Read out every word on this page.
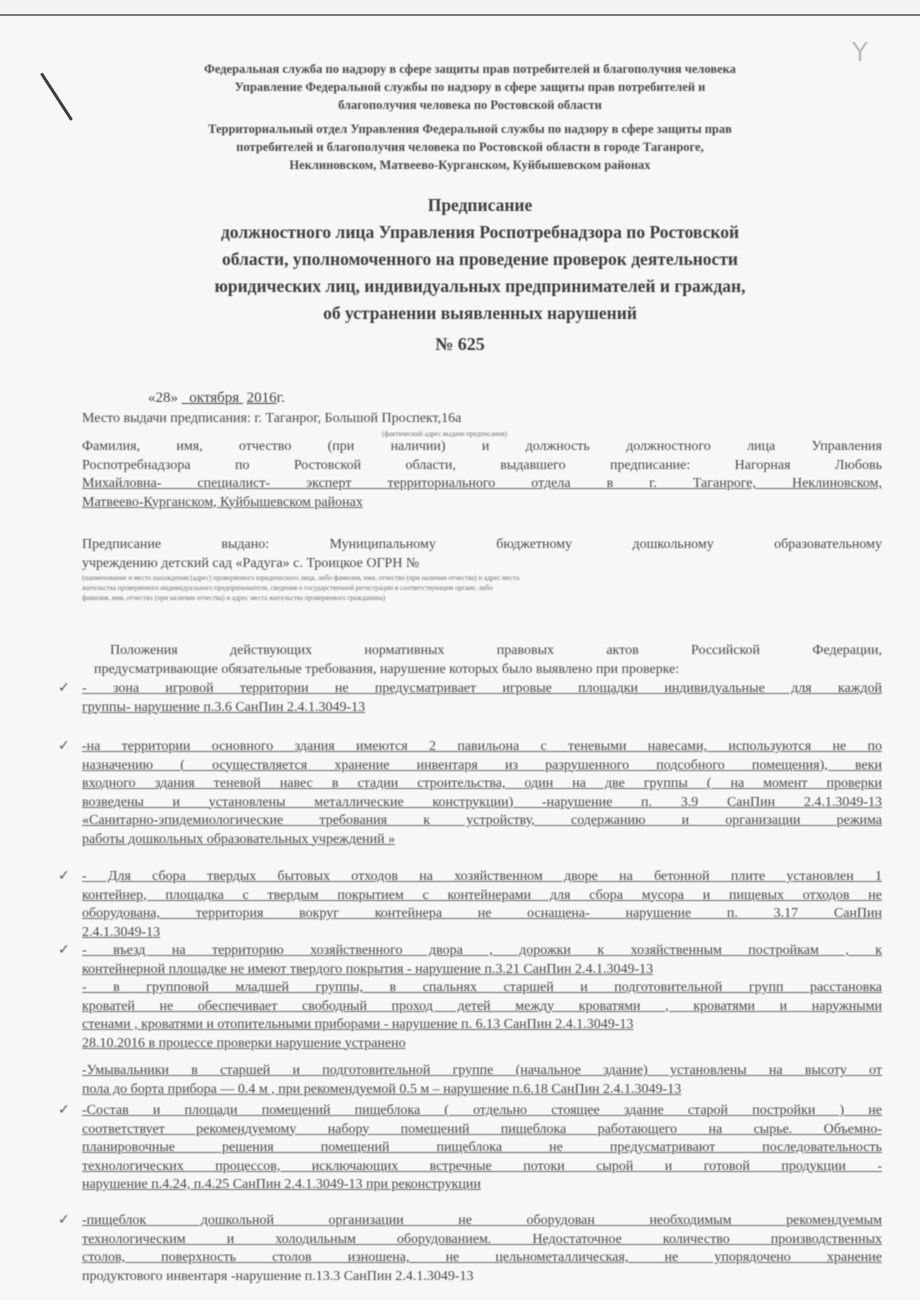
Y
Федеральная служба по надзору в сфере защиты прав потребителей и благополучия человека
Управление Федеральной службы по надзору в сфере защиты прав потребителей и
благополучия человека по Ростовской области
Территориальный отдел Управления Федеральной службы по надзору в сфере защиты прав
потребителей и благополучия человека по Ростовской области в городе Таганроге,
Неклиновском, Матвеево-Курганском, Куйбышевском районах
Предписание
должностного лица Управления Роспотребнадзора по Ростовской
области, уполномоченного на проведение проверок деятельности
юридических лиц, индивидуальных предпринимателей и граждан,
об устранении выявленных нарушений
№ 625
«28» октября 2016г.
Место выдачи предписания: г. Таганрог, Большой Проспект,16а
(фактический адрес выдачи предписания)
Фамилия, имя, отчество (при наличии) и должность должностного лица Управления
Роспотребнадзора по Ростовской области, выдавшего предписание: Нагорная Любовь
Михайловна- специалист- эксперт территориального отдела в г. Таганроге, Неклиновском,
Матвеево-Курганском, Куйбышевском районах
Предписание выдано: Муниципальному бюджетному дошкольному образовательному
учреждению детский сад «Радуга» с. Троицкое ОГРН №
(наименование и место нахождения (адрес) проверяемого юридического лица, либо фамилия, имя, отчество (при наличии отчества) и адрес места
жительства проверяемого индивидуального предпринимателя, сведения о государственной регистрации в соответствующем органе, либо
фамилия, имя, отчество (при наличии отчества) и адрес места жительства проверяемого гражданина)
Положения действующих нормативных правовых актов Российской Федерации,
предусматривающие обязательные требования, нарушение которых было выявлено при проверке:
✓ - зона игровой территории не предусматривает игровые площадки индивидуальные для каждой
группы- нарушение п.3.6 СанПин 2.4.1.3049-13
✓ -на территории основного здания имеются 2 павильона с теневыми навесами, используются не по
назначению ( осуществляется хранение инвентаря из разрушенного подсобного помещения), веки
входного здания теневой навес в стадии строительства, один на две группы ( на момент проверки
возведены и установлены металлические конструкции) -нарушение п. 3.9 СанПин 2.4.1.3049-13
«Санитарно-эпидемиологические требования к устройству, содержанию и организации режима
работы дошкольных образовательных учреждений »
✓ - Для сбора твердых бытовых отходов на хозяйственном дворе на бетонной плите установлен 1
контейнер, площадка с твердым покрытием с контейнерами для сбора мусора и пищевых отходов не
оборудована, территория вокруг контейнера не оснащена- нарушение п. 3.17 СанПин
2.4.1.3049-13
✓ - въезд на территорию хозяйственного двора , дорожки к хозяйственным постройкам , к
контейнерной площадке не имеют твердого покрытия - нарушение п.3.21 СанПин 2.4.1.3049-13
- в групповой младшей группы, в спальнях старшей и подготовительной групп расстановка
кроватей не обеспечивает свободный проход детей между кроватями , кроватями и наружными
стенами , кроватями и отопительными приборами - нарушение п. 6.13 СанПин 2.4.1.3049-13
28.10.2016 в процессе проверки нарушение устранено
-Умывальники в старшей и подготовительной группе (начальное здание) установлены на высоту от
пола до борта прибора — 0.4 м , при рекомендуемой 0.5 м – нарушение п.6.18 СанПин 2.4.1.3049-13
✓ -Состав и площади помещений пищеблока ( отдельно стоящее здание старой постройки ) не
соответствует рекомендуемому набору помещений пищеблока работающего на сырье. Объемно-
планировочные решения помещений пищеблока не предусматривают последовательность
технологических процессов, исключающих встречные потоки сырой и готовой продукции -
нарушение п.4.24, п.4.25 СанПин 2.4.1.3049-13 при реконструкции
✓ -пищеблок дошкольной организации не оборудован необходимым рекомендуемым
технологическим и холодильным оборудованием. Недостаточное количество производственных
столов, поверхность столов изношена, не цельнометаллическая, не упорядочено хранение
продуктового инвентаря -нарушение п.13.3 СанПин 2.4.1.3049-13
